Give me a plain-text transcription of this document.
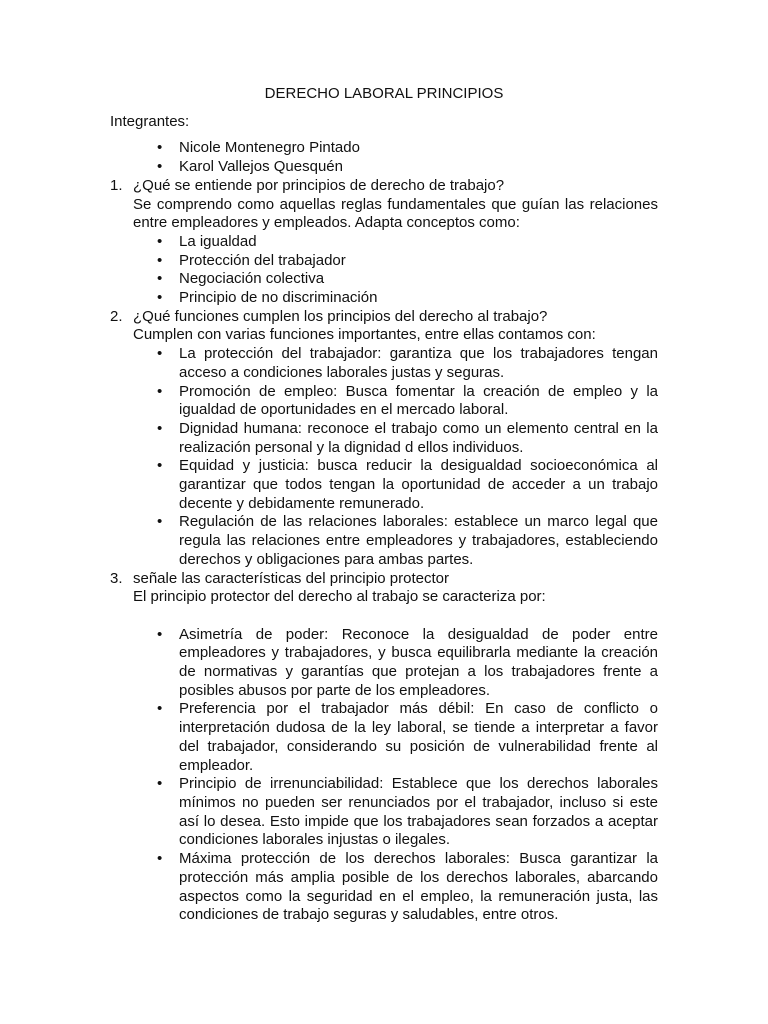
DERECHO LABORAL PRINCIPIOS
Integrantes:
• Nicole Montenegro Pintado
• Karol Vallejos Quesquén
1. ¿Qué se entiende por principios de derecho de trabajo?
Se comprendo como aquellas reglas fundamentales que guían las relaciones entre empleadores y empleados. Adapta conceptos como:
• La igualdad
• Protección del trabajador
• Negociación colectiva
• Principio de no discriminación
2. ¿Qué funciones cumplen los principios del derecho al trabajo?
Cumplen con varias funciones importantes, entre ellas contamos con:
• La protección del trabajador: garantiza que los trabajadores tengan acceso a condiciones laborales justas y seguras.
• Promoción de empleo: Busca fomentar la creación de empleo y la igualdad de oportunidades en el mercado laboral.
• Dignidad humana: reconoce el trabajo como un elemento central en la realización personal y la dignidad d ellos individuos.
• Equidad y justicia: busca reducir la desigualdad socioeconómica al garantizar que todos tengan la oportunidad de acceder a un trabajo decente y debidamente remunerado.
• Regulación de las relaciones laborales: establece un marco legal que regula las relaciones entre empleadores y trabajadores, estableciendo derechos y obligaciones para ambas partes.
3. señale las características del principio protector
El principio protector del derecho al trabajo se caracteriza por:
• Asimetría de poder: Reconoce la desigualdad de poder entre empleadores y trabajadores, y busca equilibrarla mediante la creación de normativas y garantías que protejan a los trabajadores frente a posibles abusos por parte de los empleadores.
• Preferencia por el trabajador más débil: En caso de conflicto o interpretación dudosa de la ley laboral, se tiende a interpretar a favor del trabajador, considerando su posición de vulnerabilidad frente al empleador.
• Principio de irrenunciabilidad: Establece que los derechos laborales mínimos no pueden ser renunciados por el trabajador, incluso si este así lo desea. Esto impide que los trabajadores sean forzados a aceptar condiciones laborales injustas o ilegales.
• Máxima protección de los derechos laborales: Busca garantizar la protección más amplia posible de los derechos laborales, abarcando aspectos como la seguridad en el empleo, la remuneración justa, las condiciones de trabajo seguras y saludables, entre otros.
